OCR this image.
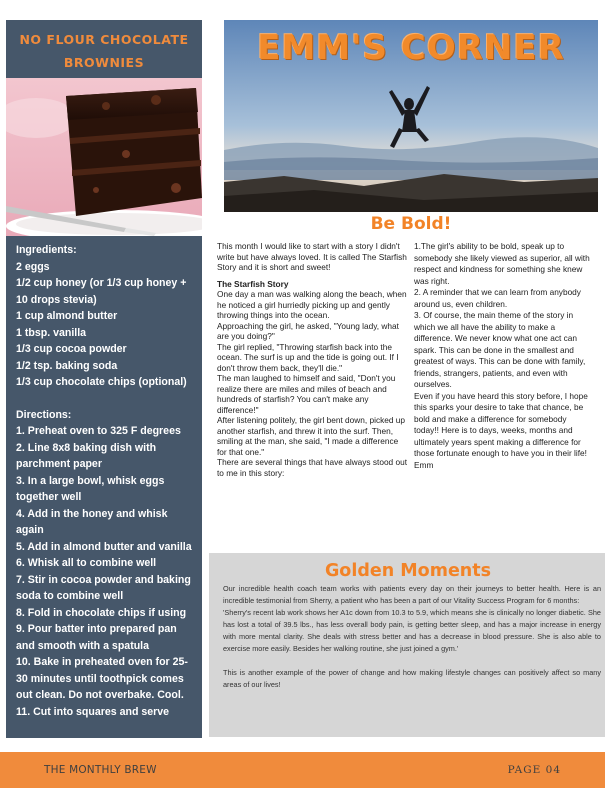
NO FLOUR CHOCOLATE
BROWNIES
Ingredients:
2 eggs
1/2 cup honey (or 1/3 cup honey + 10 drops stevia)
1 cup almond butter
1 tbsp. vanilla
1/3 cup cocoa powder
1/2 tsp. baking soda
1/3 cup chocolate chips (optional)
Directions:
1. Preheat oven to 325 F degrees
2. Line 8x8 baking dish with parchment paper
3. In a large bowl, whisk eggs together well
4. Add in the honey and whisk again
5. Add in almond butter and vanilla
6. Whisk all to combine well
7. Stir in cocoa powder and baking soda to combine well
8. Fold in chocolate chips if using
9. Pour batter into prepared pan and smooth with a spatula
10. Bake in preheated oven for 25-30 minutes until toothpick comes out clean. Do not overbake. Cool.
11. Cut into squares and serve
EMM'S CORNER
Be Bold!

This month I would like to start with a story I didn't write but have always loved. It is called The Starfish Story and it is short and sweet!

The Starfish Story

One day a man was walking along the beach, when he noticed a girl hurriedly picking up and gently throwing things into the ocean.

Approaching the girl, he asked, "Young lady, what are you doing?"

The girl replied, "Throwing starfish back into the ocean. The surf is up and the tide is going out. If I don't throw them back, they'll die."

The man laughed to himself and said, "Don't you realize there are miles and miles of beach and hundreds of starfish? You can't make any difference!"

After listening politely, the girl bent down, picked up another starfish, and threw it into the surf. Then, smiling at the man, she said, "I made a difference for that one."

There are several things that have always stood out to me in this story:

1.The girl's ability to be bold, speak up to somebody she likely viewed as superior, all with respect and kindness for something she knew was right.

2. A reminder that we can learn from anybody around us, even children.

3. Of course, the main theme of the story in which we all have the ability to make a difference. We never know what one act can spark. This can be done in the smallest and greatest of ways. This can be done with family, friends, strangers, patients, and even with ourselves.

Even if you have heard this story before, I hope this sparks your desire to take that chance, be bold and make a difference for somebody today!! Here is to days, weeks, months and ultimately years spent making a difference for those fortunate enough to have you in their life! Emm

Golden Moments

Our incredible health coach team works with patients every day on their journeys to better health. Here is an incredible testimonial from Sherry, a patient who has been a part of our Vitality Success Program for 6 months:

'Sherry's recent lab work shows her A1c down from 10.3 to 5.9, which means she is clinically no longer diabetic. She has lost a total of 39.5 lbs., has less overall body pain, is getting better sleep, and has a major increase in energy with more mental clarity. She deals with stress better and has a decrease in blood pressure. She is also able to exercise more easily. Besides her walking routine, she just joined a gym.'

This is another example of the power of change and how making lifestyle changes can positively affect so many areas of our lives!

THE MONTHLY BREW	PAGE 04
